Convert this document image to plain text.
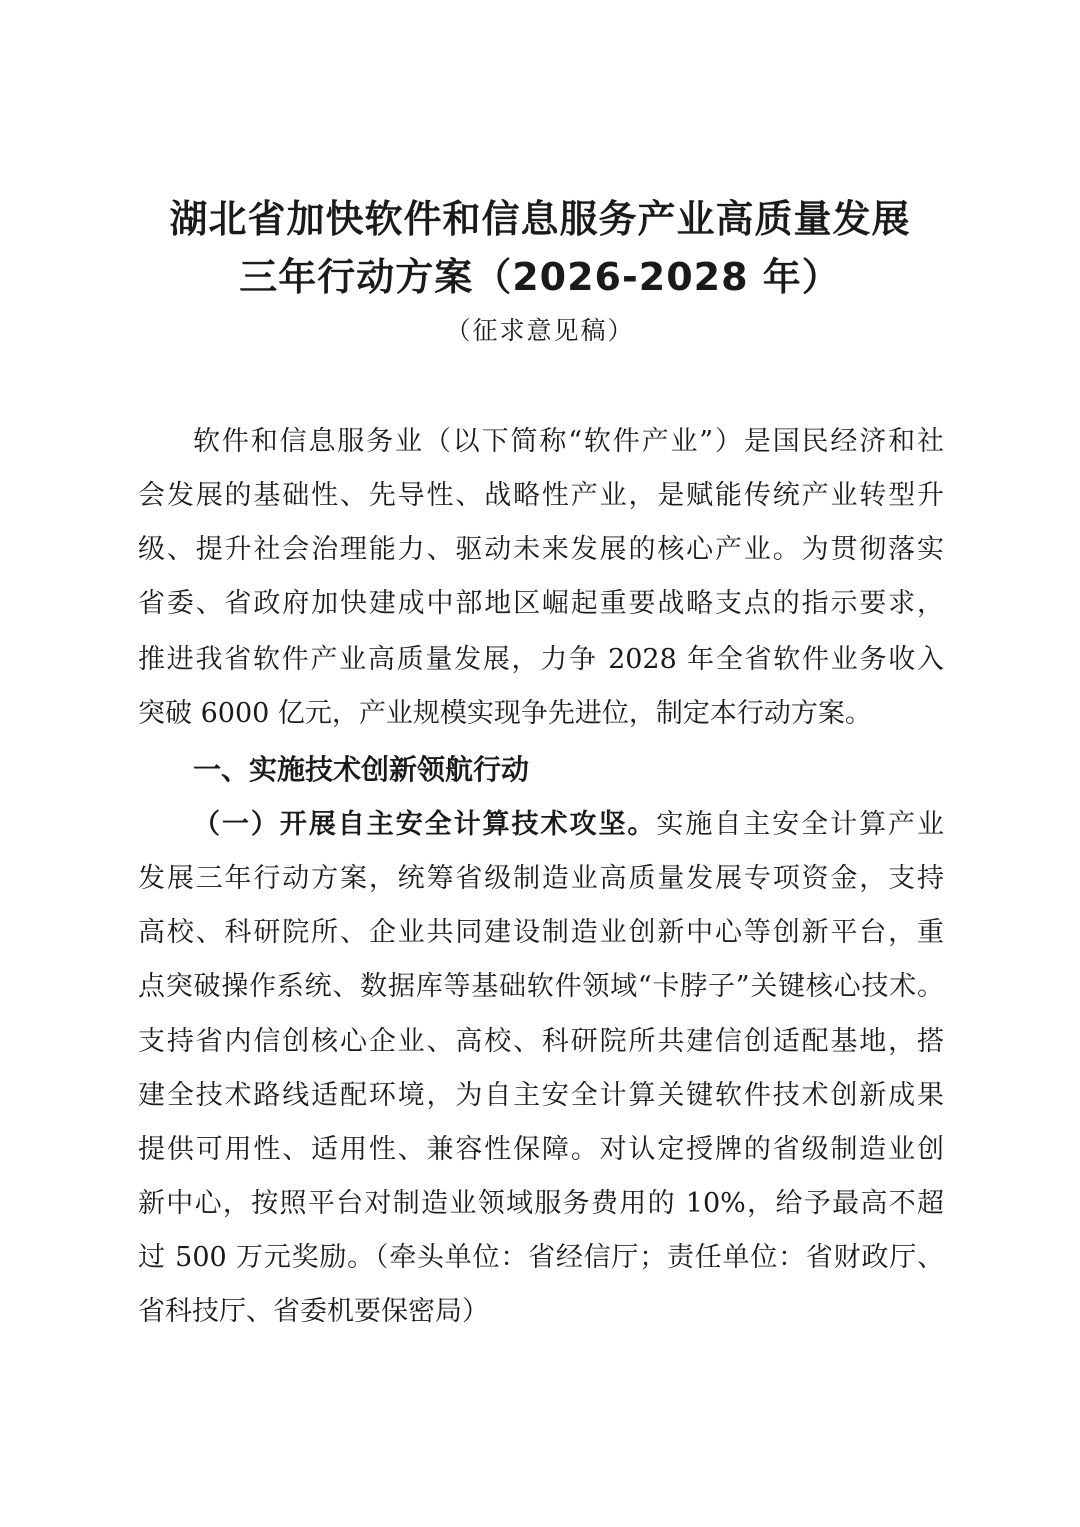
湖北省加快软件和信息服务产业高质量发展
三年行动方案（2026-2028 年）
（征求意见稿）
软件和信息服务业（以下简称“软件产业”）是国民经济和社
会发展的基础性、先导性、战略性产业，是赋能传统产业转型升
级、提升社会治理能力、驱动未来发展的核心产业。为贯彻落实
省委、省政府加快建成中部地区崛起重要战略支点的指示要求，
推进我省软件产业高质量发展，力争 2028 年全省软件业务收入
突破 6000 亿元，产业规模实现争先进位，制定本行动方案。
一、实施技术创新领航行动
（一）开展自主安全计算技术攻坚。实施自主安全计算产业
发展三年行动方案，统筹省级制造业高质量发展专项资金，支持
高校、科研院所、企业共同建设制造业创新中心等创新平台，重
点突破操作系统、数据库等基础软件领域“卡脖子”关键核心技术。
支持省内信创核心企业、高校、科研院所共建信创适配基地，搭
建全技术路线适配环境，为自主安全计算关键软件技术创新成果
提供可用性、适用性、兼容性保障。对认定授牌的省级制造业创
新中心，按照平台对制造业领域服务费用的 10%，给予最高不超
过 500 万元奖励。（牵头单位：省经信厅；责任单位：省财政厅、
省科技厅、省委机要保密局）
